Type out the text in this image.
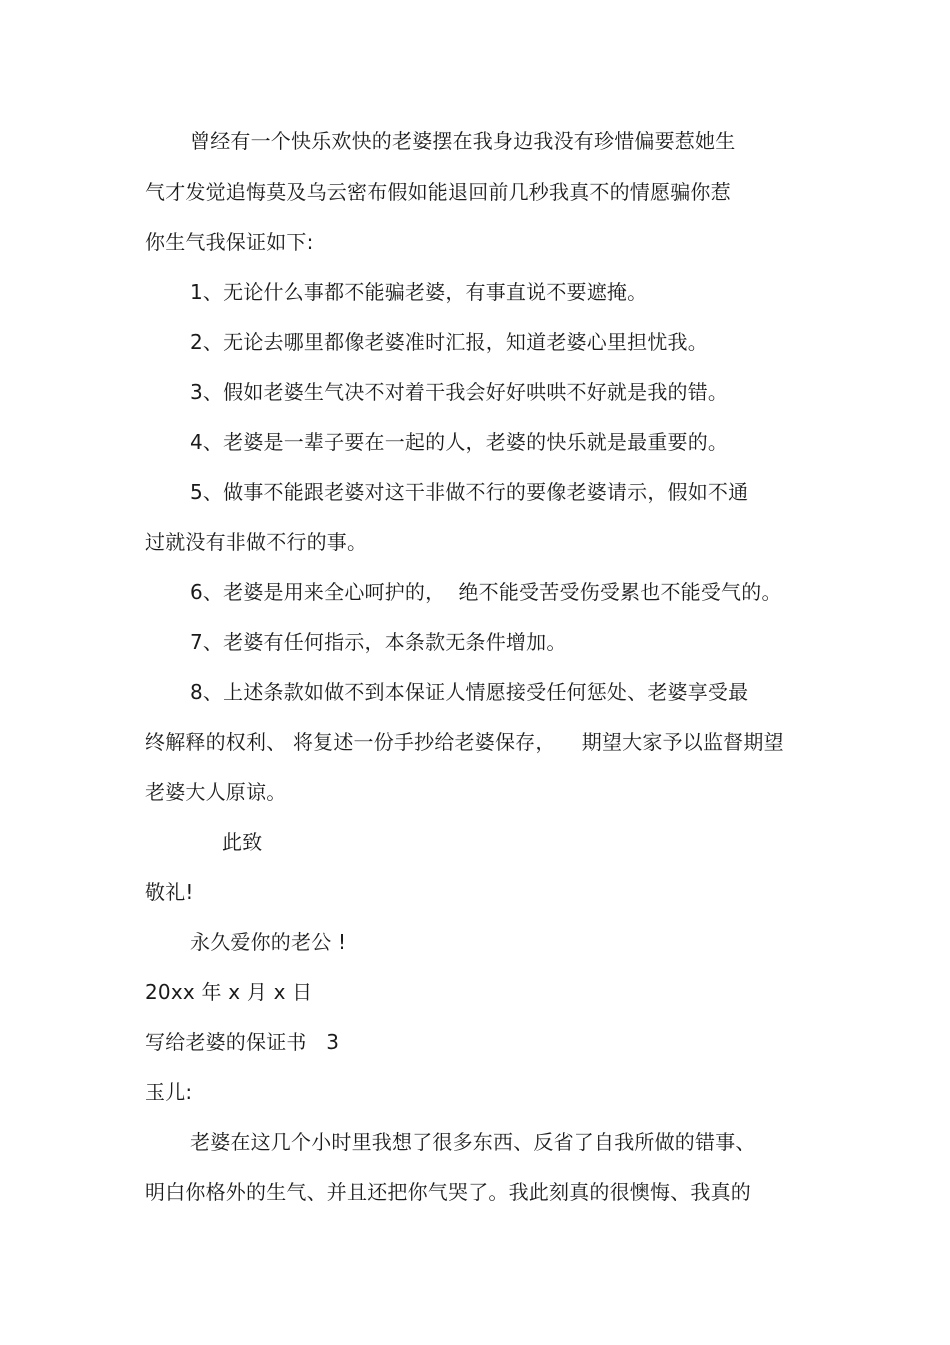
曾经有一个快乐欢快的老婆摆在我身边我没有珍惜偏要惹她生
气才发觉追悔莫及乌云密布假如能退回前几秒我真不的情愿骗你惹
你生气我保证如下:
1、无论什么事都不能骗老婆，有事直说不要遮掩。
2、无论去哪里都像老婆准时汇报，知道老婆心里担忧我。
3、假如老婆生气决不对着干我会好好哄哄不好就是我的错。
4、老婆是一辈子要在一起的人，老婆的快乐就是最重要的。
5、做事不能跟老婆对这干非做不行的要像老婆请示，假如不通
过就没有非做不行的事。
6、老婆是用来全心呵护的，  绝不能受苦受伤受累也不能受气的。
7、老婆有任何指示，本条款无条件增加。
8、上述条款如做不到本保证人情愿接受任何惩处、老婆享受最
终解释的权利、 将复述一份手抄给老婆保存，    期望大家予以监督期望
老婆大人原谅。
此致
敬礼!
永久爱你的老公 !
20xx 年 x 月 x 日
写给老婆的保证书   3
玉儿:
老婆在这几个小时里我想了很多东西、反省了自我所做的错事、
明白你格外的生气、并且还把你气哭了。我此刻真的很懊悔、我真的
